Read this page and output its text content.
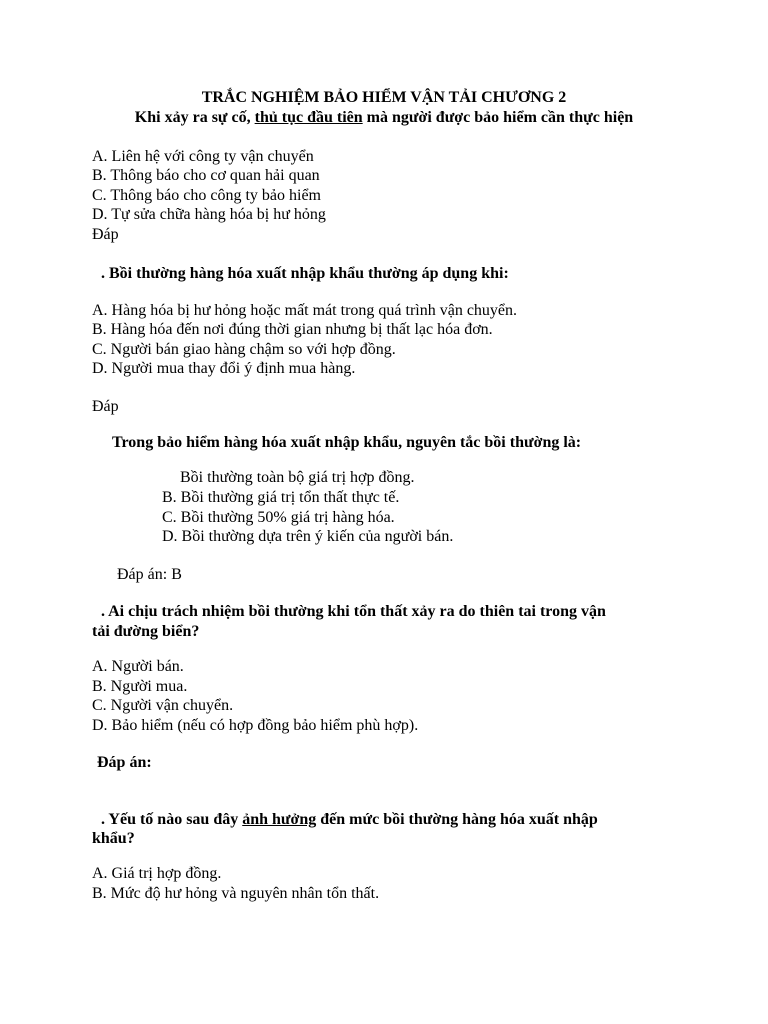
TRẮC NGHIỆM BẢO HIỂM VẬN TẢI CHƯƠNG 2
Khi xảy ra sự cố, thủ tục đầu tiên mà người được bảo hiểm cần thực hiện
A. Liên hệ với công ty vận chuyển
B. Thông báo cho cơ quan hải quan
C. Thông báo cho công ty bảo hiểm
D. Tự sửa chữa hàng hóa bị hư hỏng
Đáp
. Bồi thường hàng hóa xuất nhập khẩu thường áp dụng khi:
A. Hàng hóa bị hư hỏng hoặc mất mát trong quá trình vận chuyển.
B. Hàng hóa đến nơi đúng thời gian nhưng bị thất lạc hóa đơn.
C. Người bán giao hàng chậm so với hợp đồng.
D. Người mua thay đổi ý định mua hàng.
Đáp
Trong bảo hiểm hàng hóa xuất nhập khẩu, nguyên tắc bồi thường là:
Bồi thường toàn bộ giá trị hợp đồng.
B. Bồi thường giá trị tổn thất thực tế.
C. Bồi thường 50% giá trị hàng hóa.
D. Bồi thường dựa trên ý kiến của người bán.
Đáp án: B
. Ai chịu trách nhiệm bồi thường khi tổn thất xảy ra do thiên tai trong vận
tải đường biển?
A. Người bán.
B. Người mua.
C. Người vận chuyển.
D. Bảo hiểm (nếu có hợp đồng bảo hiểm phù hợp).
Đáp án:
. Yếu tố nào sau đây ảnh hưởng đến mức bồi thường hàng hóa xuất nhập
khẩu?
A. Giá trị hợp đồng.
B. Mức độ hư hỏng và nguyên nhân tổn thất.
